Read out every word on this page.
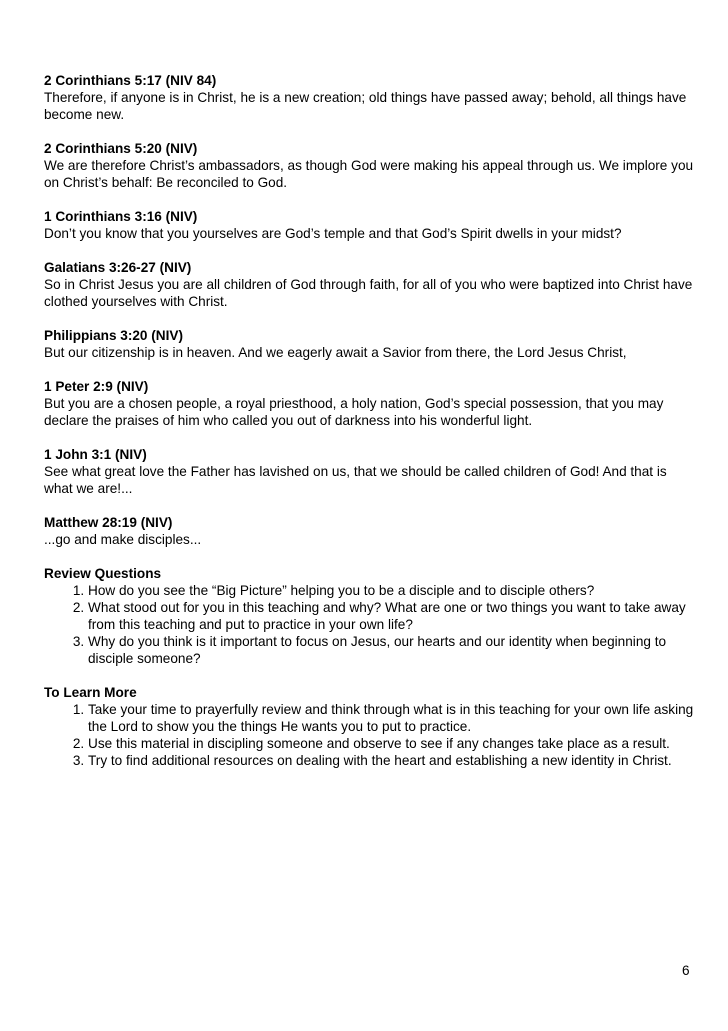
2 Corinthians 5:17 (NIV 84)
Therefore, if anyone is in Christ, he is a new creation; old things have passed away; behold, all things have become new.
2 Corinthians 5:20 (NIV)
We are therefore Christ’s ambassadors, as though God were making his appeal through us. We implore you on Christ’s behalf: Be reconciled to God.
1 Corinthians 3:16 (NIV)
Don’t you know that you yourselves are God’s temple and that God’s Spirit dwells in your midst?
Galatians 3:26-27 (NIV)
So in Christ Jesus you are all children of God through faith, for all of you who were baptized into Christ have clothed yourselves with Christ.
Philippians 3:20 (NIV)
But our citizenship is in heaven. And we eagerly await a Savior from there, the Lord Jesus Christ,
1 Peter 2:9 (NIV)
But you are a chosen people, a royal priesthood, a holy nation, God’s special possession, that you may declare the praises of him who called you out of darkness into his wonderful light.
1 John 3:1 (NIV)
See what great love the Father has lavished on us, that we should be called children of God! And that is what we are!...
Matthew 28:19 (NIV)
...go and make disciples...
Review Questions
1. How do you see the “Big Picture” helping you to be a disciple and to disciple others?
2. What stood out for you in this teaching and why? What are one or two things you want to take away from this teaching and put to practice in your own life?
3. Why do you think is it important to focus on Jesus, our hearts and our identity when beginning to disciple someone?
To Learn More
1. Take your time to prayerfully review and think through what is in this teaching for your own life asking the Lord to show you the things He wants you to put to practice.
2. Use this material in discipling someone and observe to see if any changes take place as a result.
3. Try to find additional resources on dealing with the heart and establishing a new identity in Christ.
6
